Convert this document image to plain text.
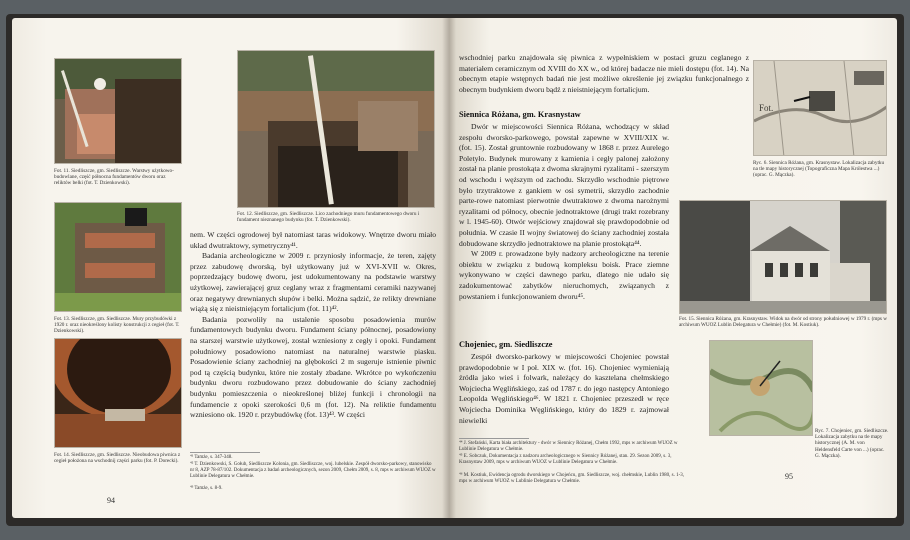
Fot. 11. Siedliszcze, gm. Siedliszcze. Warstwy użytkowo-budowlane, część północna fundamentów dworu oraz reliktów belki (fot. T. Dzienkowski).
Fot. 12. Siedliszcze, gm. Siedliszcze. Lico zachodniego muru fundamentowego dworu i fundament nieznanego budynku (fot. T. Dzienkowski).
Fot. 13. Siedliszcze, gm. Siedliszcze. Mury przybudówki z 1920 r. oraz nieokreślony kolisty konstrukcji z cegieł (fot. T. Dzienkowski).
Fot. 14. Siedliszcze, gm. Siedliszcze. Nieobudowa piwnica z cegieł położona na wschodnij części parku (fot. P. Dorecki).

nem. W części ogrodowej był natomiast taras widokowy. Wnętrze dworu miało układ dwutraktowy, symetryczny⁴¹.

Badania archeologiczne w 2009 r. przyniosły informacje, że teren, zajęty przez zabudowę dworską, był użytkowany już w XVI-XVII w. Okres, poprzedzający budowę dworu, jest udokumentowany na podstawie warstwy użytkowej, zawierającej gruz ceglany wraz z fragmentami ceramiki nazywanej oraz negatywy drewnianych słupów i belki. Można sądzić, że relikty drewniane wiążą się z nieistniejącym fortalicjum (fot. 11)⁴².

Badania pozwoliły na ustalenie sposobu posadowienia murów fundamentowych budynku dworu. Fundament ściany północnej, posadowiony na starszej warstwie użytkowej, został wzniesiony z cegły i opoki. Fundament południowy posadowiono natomiast na naturalnej warstwie piasku. Posadowienie ściany zachodniej na głębokości 2 m sugeruje istnienie piwnic pod tą częścią budynku, które nie zostały zbadane. Wkrótce po wykończeniu budynku dworu rozbudowano przez dobudowanie do ściany zachodniej budynku pomieszczenia o nieokreślonej bliżej funkcji i chronologii na fundamencie z opoki szerokości 0,6 m (fot. 12). Na reliktie fundamentu wzniesiono ok. 1920 r. przybudówkę (fot. 13)⁴³. W części

⁴¹ Tamże, s. 347-348.
⁴² T. Dzienkowski, S. Gołub, Siedliszcze Kolonia, gm. Siedliszcze, woj. lubelskie. Zespół dworsko-parkowy, stanowisko nr 8, AZP 78-87/102. Dokumentacja z badań archeologicznych, sezon 2009, Chełm 2009, s. 8, mps w archiwum WUOZ w Lublinie Delegatura w Chełmie.
⁴³ Tamże, s. 8-9.
94

wschodniej parku znajdowała się piwnica z wypełniskiem w postaci gruzu ceglanego z materiałem ceramicznym od XVIII do XX w., od której badacze nie mieli dostępu (fot. 14). Na obecnym etapie wstępnych badań nie jest możliwe określenie jej związku funkcjonalnego z obecnym budynkiem dworu bądź z nieistniejącym fortalicjum.

Siennica Różana, gm. Krasnystaw

Dwór w miejscowości Siennica Różana, wchodzący w skład zespołu dworsko-parkowego, powstał zapewne w XVIII/XIX w. (fot. 15). Został gruntownie rozbudowany w 1868 r. przez Aurelego Poletyło. Budynek murowany z kamienia i cegły palonej założony został na planie prostokąta z dwoma skrajnymi ryzalitami - szerszym od wschodu i węższym od zachodu. Skrzydło wschodnie piętrowe było trzytraktowe z gankiem w osi symetrii, skrzydło zachodnie parte-rowe natomiast pierwotnie dwutraktowe z dwoma narożnymi ryzalitami od północy, obecnie jednotraktowe (drugi trakt rozebrany w l. 1945-60). Otwór wejściowy znajdował się prawdopodobnie od południa. W czasie II wojny światowej do ściany zachodniej została dobudowane skrzydło jednotraktowe na planie prostokąta⁴⁴.

W 2009 r. prowadzone były nadzory archeologiczne na terenie obiektu w związku z budową kompleksu boisk. Prace ziemne wykonywano w części dawnego parku, dlatego nie udało się zadokumentować zabytków nieruchomych, związanych z powstaniem i funkcjonowaniem dworu⁴⁵.

Chojeniec, gm. Siedliszcze

Zespół dworsko-parkowy w miejscowości Chojeniec powstał prawdopodobnie w I poł. XIX w. (fot. 16). Chojeniec wymieniają źródła jako wieś i folwark, należący do kasztelana chełmskiego Wojciecha Węglińskiego, zaś od 1787 r. do jego następcy Antoniego Leopolda Węglińskiego⁴⁶. W 1821 r. Chojeniec przeszedł w ręce Wojciecha Dominika Węglińskiego, który do 1829 r. zajmował niewielki

Fot.
Ryc. 6. Siennica Różana, gm. Krasnystaw. Lokalizacja zabytku na tle mapy historycznej (Topograficzna Mapa Królestwa ...) (oprac. G. Mączka).
Fot. 15. Siennica Różana, gm. Krasnystaw. Widok na dwór od strony południowej w 1979 r. (mps w archiwum WUOZ Lublin Delegatura w Chełmie) (fot. M. Kostiuk).
Ryc. 7. Chojeniec, gm. Siedliszcze. Lokalizacja zabytku na tle mapy historycznej (A. M. von Heldensfeld Carte von ...) (oprac. G. Mączka).
⁴⁴ J. Stefański, Karta biała architektury - dwór w Siennicy Różanej, Chełm 1992, mps w archiwum WUOZ w Lublinie Delegatura w Chełmie.
⁴⁵ E. Sobczuk, Dokumentacja z nadzoru archeologicznego w Siennicy Różanej, stan. 29. Sezon 2009, s. 3, Krasnystaw 2009, mps w archiwum WUOZ w Lublinie Delegatura w Chełmie.
⁴⁶ M. Kostiuk, Ewidencja ogrodu dworskiego w Chojeńcu, gm. Siedliszcze, woj. chełmskie, Lublin 1980, s. 1-3, mps w archiwum WUOZ w Lublinie Delegatura w Chełmie.
95
